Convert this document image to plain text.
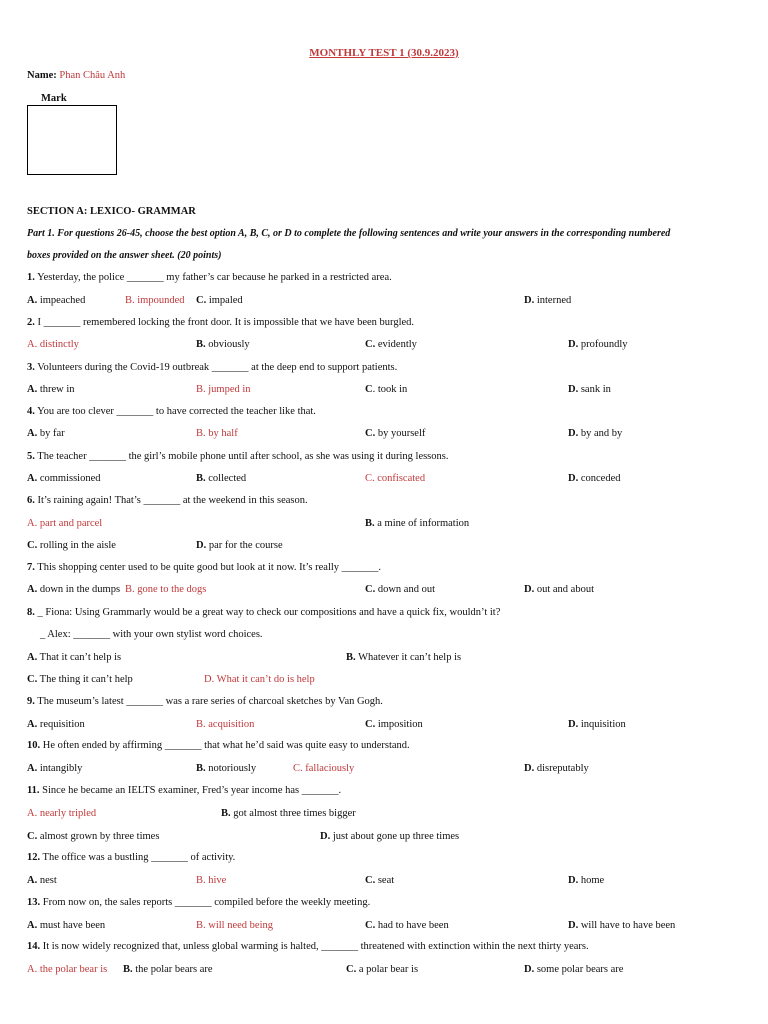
MONTHLY TEST 1 (30.9.2023)
Name: Phan Châu Anh
Mark
SECTION A: LEXICO- GRAMMAR
Part 1. For questions 26-45, choose the best option A, B, C, or D to complete the following sentences and write your answers in the corresponding numbered
boxes provided on the answer sheet. (20 points)
1. Yesterday, the police _______ my father’s car because he parked in a restricted area.
A. impeached	B. impounded C. impaled	D. interned
2. I _______ remembered locking the front door. It is impossible that we have been burgled.
A. distinctly	B. obviously	C. evidently	D. profoundly
3. Volunteers during the Covid-19 outbreak _______ at the deep end to support patients.
A. threw in	B. jumped in	C. took in	D. sank in
4. You are too clever _______ to have corrected the teacher like that.
A. by far	B. by half	C. by yourself	D. by and by
5. The teacher _______ the girl’s mobile phone until after school, as she was using it during lessons.
A. commissioned	B. collected	C. confiscated	D. conceded
6. It’s raining again! That’s _______ at the weekend in this season.
A. part and parcel	B. a mine of information
C. rolling in the aisle	D. par for the course
7. This shopping center used to be quite good but look at it now. It’s really _______.
A. down in the dumps B. gone to the dogs	C. down and out	D. out and about
8. _ Fiona: Using Grammarly would be a great way to check our compositions and have a quick fix, wouldn’t it?
_ Alex: _______ with your own stylist word choices.
A. That it can’t help is	B. Whatever it can’t help is
C. The thing it can’t help	D. What it can’t do is help
9. The museum’s latest _______ was a rare series of charcoal sketches by Van Gogh.
A. requisition	B. acquisition	C. imposition	D. inquisition
10. He often ended by affirming _______ that what he’d said was quite easy to understand.
A. intangibly	B. notoriously	C. fallaciously	D. disreputably
11. Since he became an IELTS examiner, Fred’s year income has _______.
A. nearly tripled	B. got almost three times bigger
C. almost grown by three times	D. just about gone up three times
12. The office was a bustling _______ of activity.
A. nest	B. hive	C. seat	D. home
13. From now on, the sales reports _______ compiled before the weekly meeting.
A. must have been	B. will need being	C. had to have been	D. will have to have been
14. It is now widely recognized that, unless global warming is halted, _______ threatened with extinction within the next thirty years.
A. the polar bear is B. the polar bears are	C. a polar bear is	D. some polar bears are
